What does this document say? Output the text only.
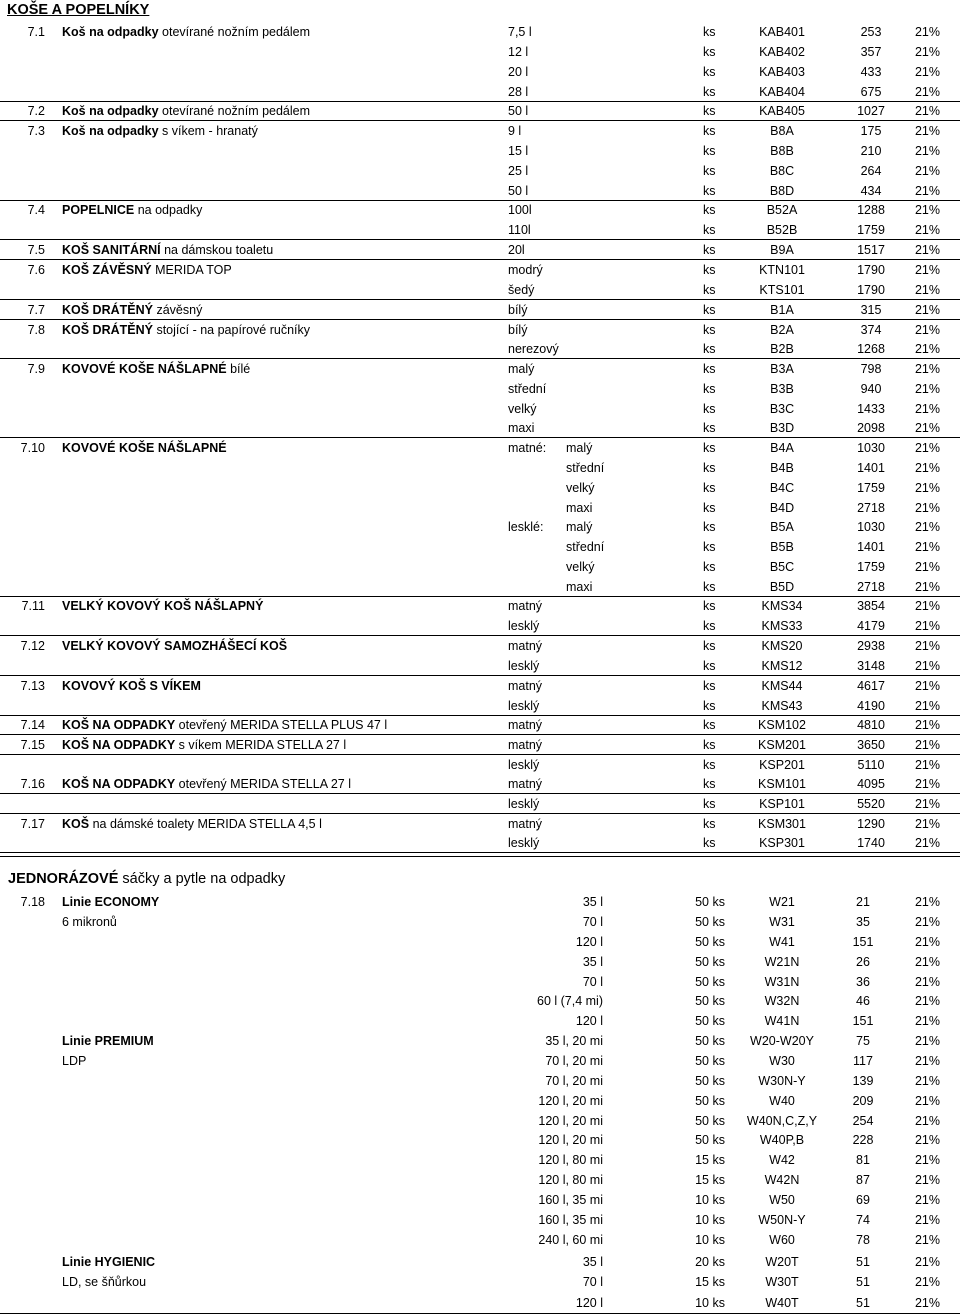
KOŠE A POPELNÍKY
7.1 Koš na odpadky otevírané nožním pedálem	7,5 l	ks	KAB401	253	21%
12 l	ks	KAB402	357	21%
20 l	ks	KAB403	433	21%
28 l	ks	KAB404	675	21%
7.2 Koš na odpadky otevírané nožním pedálem	50 l	ks	KAB405	1027	21%
7.3 Koš na odpadky s víkem - hranatý	9 l	ks	B8A	175	21%
15 l	ks	B8B	210	21%
25 l	ks	B8C	264	21%
50 l	ks	B8D	434	21%
7.4 POPELNICE na odpadky	100l	ks	B52A	1288	21%
110l	ks	B52B	1759	21%
7.5 KOŠ SANITÁRNÍ na dámskou toaletu	20l	ks	B9A	1517	21%
7.6 KOŠ ZÁVĚSNÝ MERIDA TOP	modrý	ks	KTN101	1790	21%
šedý	ks	KTS101	1790	21%
7.7 KOŠ DRÁTĚNÝ závěsný	bílý	ks	B1A	315	21%
7.8 KOŠ DRÁTĚNÝ stojící - na papírové ručníky	bílý	ks	B2A	374	21%
nerezový	ks	B2B	1268	21%
7.9 KOVOVÉ KOŠE NÁŠLAPNÉ bílé	malý	ks	B3A	798	21%
střední	ks	B3B	940	21%
velký	ks	B3C	1433	21%
maxi	ks	B3D	2098	21%
7.10 KOVOVÉ KOŠE NÁŠLAPNÉ	matné: malý	ks	B4A	1030	21%
střední	ks	B4B	1401	21%
velký	ks	B4C	1759	21%
maxi	ks	B4D	2718	21%
lesklé: malý	ks	B5A	1030	21%
střední	ks	B5B	1401	21%
velký	ks	B5C	1759	21%
maxi	ks	B5D	2718	21%
7.11 VELKÝ KOVOVÝ KOŠ NÁŠLAPNÝ	matný	ks	KMS34	3854	21%
lesklý	ks	KMS33	4179	21%
7.12 VELKÝ KOVOVÝ SAMOZHÁŠECÍ KOŠ	matný	ks	KMS20	2938	21%
lesklý	ks	KMS12	3148	21%
7.13 KOVOVÝ KOŠ S VÍKEM	matný	ks	KMS44	4617	21%
lesklý	ks	KMS43	4190	21%
7.14 KOŠ NA ODPADKY otevřený MERIDA STELLA PLUS 47 l	matný	ks	KSM102	4810	21%
7.15 KOŠ NA ODPADKY s víkem MERIDA STELLA 27 l	matný	ks	KSM201	3650	21%
lesklý	ks	KSP201	5110	21%
7.16 KOŠ NA ODPADKY otevřený MERIDA STELLA 27 l	matný	ks	KSM101	4095	21%
lesklý	ks	KSP101	5520	21%
7.17 KOŠ na dámské toalety MERIDA STELLA 4,5 l	matný	ks	KSM301	1290	21%
lesklý	ks	KSP301	1740	21%
JEDNORÁZOVÉ sáčky a pytle na odpadky
7.18 Linie ECONOMY	35 l	50 ks	W21	21	21%
6 mikronů	70 l	50 ks	W31	35	21%
120 l	50 ks	W41	151	21%
35 l	50 ks	W21N	26	21%
70 l	50 ks	W31N	36	21%
60 l (7,4 mi)	50 ks	W32N	46	21%
120 l	50 ks	W41N	151	21%
Linie PREMIUM	35 l, 20 mi	50 ks	W20-W20Y	75	21%
LDP	70 l, 20 mi	50 ks	W30	117	21%
70 l, 20 mi	50 ks	W30N-Y	139	21%
120 l, 20 mi	50 ks	W40	209	21%
120 l, 20 mi	50 ks	W40N,C,Z,Y	254	21%
120 l, 20 mi	50 ks	W40P,B	228	21%
120 l, 80 mi	15 ks	W42	81	21%
120 l, 80 mi	15 ks	W42N	87	21%
160 l, 35 mi	10 ks	W50	69	21%
160 l, 35 mi	10 ks	W50N-Y	74	21%
240 l, 60 mi	10 ks	W60	78	21%
Linie HYGIENIC	35 l	20 ks	W20T	51	21%
LD, se šňůrkou	70 l	15 ks	W30T	51	21%
120 l	10 ks	W40T	51	21%
